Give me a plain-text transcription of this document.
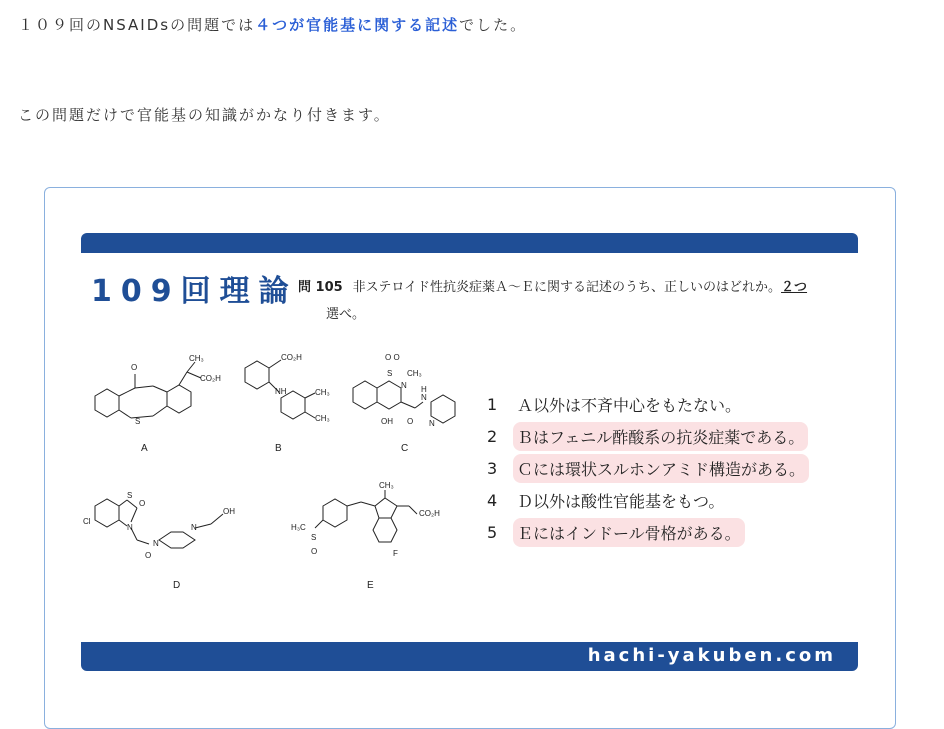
１０９回のNSAIDsの問題では４つが官能基に関する記述でした。
この問題だけで官能基の知識がかなり付きます。
109回理論 問 105 非ステロイド性抗炎症薬Ａ～Ｅに関する記述のうち、正しいのはどれか。２つ
選べ。
O
CH₃
CO₂H
S
A
CO₂H
NH	CH₃
CH₃
B
O O
S
N
CH₃
OH O
N
H
N
C
S
O
N
Cl
N
N
O
OH
D
CH₃
CO₂H
H₃C
S
O	F
E
1	Ａ以外は不斉中心をもたない。
2	Ｂはフェニル酢酸系の抗炎症薬である。
3	Ｃには環状スルホンアミド構造がある。
4	Ｄ以外は酸性官能基をもつ。
5	Ｅにはインドール骨格がある。
hachi-yakuben.com
